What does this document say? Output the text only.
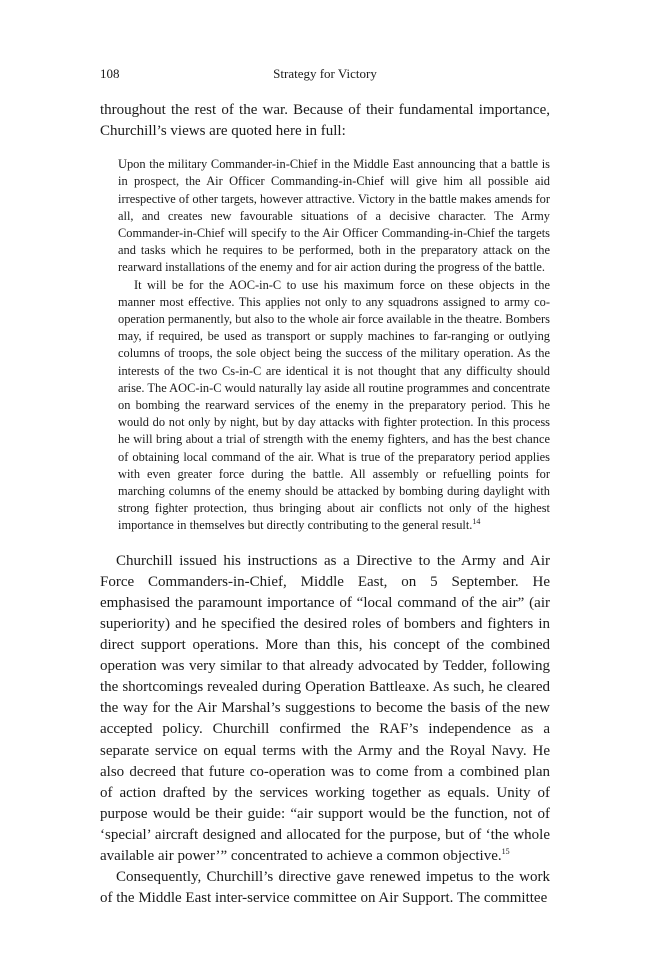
108	Strategy for Victory

throughout the rest of the war. Because of their fundamental importance, Churchill’s views are quoted here in full:

Upon the military Commander-in-Chief in the Middle East announcing that a battle is in prospect, the Air Officer Commanding-in-Chief will give him all possible aid irrespective of other targets, however attractive. Victory in the battle makes amends for all, and creates new favourable situations of a decisive character. The Army Commander-in-Chief will specify to the Air Officer Commanding-in-Chief the targets and tasks which he requires to be performed, both in the preparatory attack on the rearward installations of the enemy and for air action during the progress of the battle.

It will be for the AOC-in-C to use his maximum force on these objects in the manner most effective. This applies not only to any squadrons assigned to army co-operation permanently, but also to the whole air force available in the theatre. Bombers may, if required, be used as transport or supply machines to far-ranging or outlying columns of troops, the sole object being the success of the military operation. As the interests of the two Cs-in-C are identical it is not thought that any difficulty should arise. The AOC-in-C would naturally lay aside all routine programmes and concentrate on bombing the rearward services of the enemy in the preparatory period. This he would do not only by night, but by day attacks with fighter protection. In this process he will bring about a trial of strength with the enemy fighters, and has the best chance of obtaining local command of the air. What is true of the preparatory period applies with even greater force during the battle. All assembly or refuelling points for marching columns of the enemy should be attacked by bombing during daylight with strong fighter protection, thus bringing about air conflicts not only of the highest importance in themselves but directly contributing to the general result.$^{14}$

Churchill issued his instructions as a Directive to the Army and Air Force Commanders-in-Chief, Middle East, on 5 September. He emphasised the paramount importance of “local command of the air” (air superiority) and he specified the desired roles of bombers and fighters in direct support operations. More than this, his concept of the combined operation was very similar to that already advocated by Tedder, following the shortcomings revealed during Operation Battleaxe. As such, he cleared the way for the Air Marshal’s suggestions to become the basis of the new accepted policy. Churchill confirmed the RAF’s independence as a separate service on equal terms with the Army and the Royal Navy. He also decreed that future co-operation was to come from a combined plan of action drafted by the services working together as equals. Unity of purpose would be their guide: “air support would be the function, not of ‘special’ aircraft designed and allocated for the purpose, but of ‘the whole available air power’” concentrated to achieve a common objective.$^{15}$

Consequently, Churchill’s directive gave renewed impetus to the work of the Middle East inter-service committee on Air Support. The committee
